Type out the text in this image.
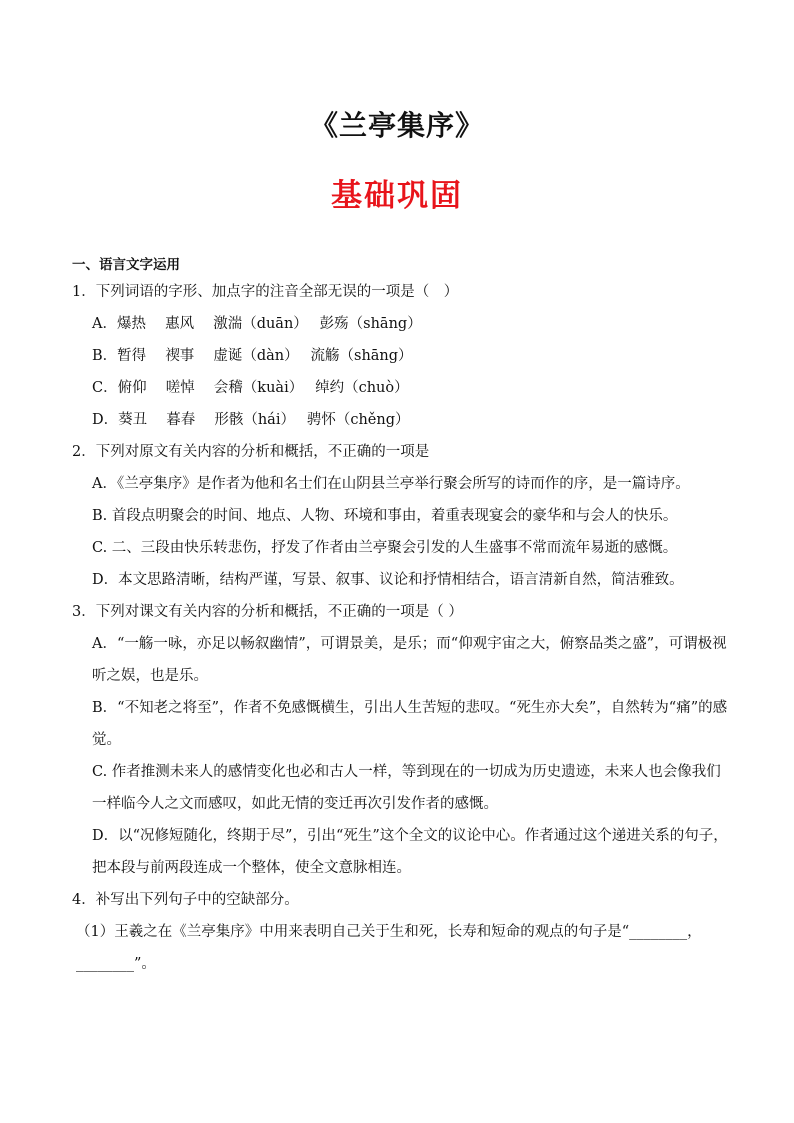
《兰亭集序》
基础巩固
一、语言文字运用
1．下列词语的字形、加点字的注音全部无误的一项是（　）
A．爆热　 惠风　 激湍（duān）　 彭殇（shāng）
B．暂得　 禊事　 虚诞（dàn）　 流觞（shāng）
C．俯仰　 嗟悼　 会稽（kuài）　 绰约（chuò）
D．葵丑　 暮春　 形骸（hái）　 骋怀（chěng）
2．下列对原文有关内容的分析和概括，不正确的一项是
A．《兰亭集序》是作者为他和名士们在山阴县兰亭举行聚会所写的诗而作的序，是一篇诗序。
B. 首段点明聚会的时间、地点、人物、环境和事由，着重表现宴会的豪华和与会人的快乐。
C. 二、三段由快乐转悲伤，抒发了作者由兰亭聚会引发的人生盛事不常而流年易逝的感慨。
D．本文思路清晰，结构严谨，写景、叙事、议论和抒情相结合，语言清新自然，简洁雅致。
3．下列对课文有关内容的分析和概括，不正确的一项是（ ）
A．“一觞一咏，亦足以畅叙幽情”，可谓景美，是乐；而“仰观宇宙之大，俯察品类之盛”，可谓极视听之娱，也是乐。
B．“不知老之将至”，作者不免感慨横生，引出人生苦短的悲叹。“死生亦大矣”，自然转为“痛”的感觉。
C. 作者推测未来人的感情变化也必和古人一样，等到现在的一切成为历史遗迹，未来人也会像我们一样临今人之文而感叹，如此无情的变迁再次引发作者的感慨。
D．以“况修短随化，终期于尽”，引出“死生”这个全文的议论中心。作者通过这个递进关系的句子，把本段与前两段连成一个整体，使全文意脉相连。
4．补写出下列句子中的空缺部分。
（1）王羲之在《兰亭集序》中用来表明自己关于生和死，长寿和短命的观点的句子是“________，________”。
